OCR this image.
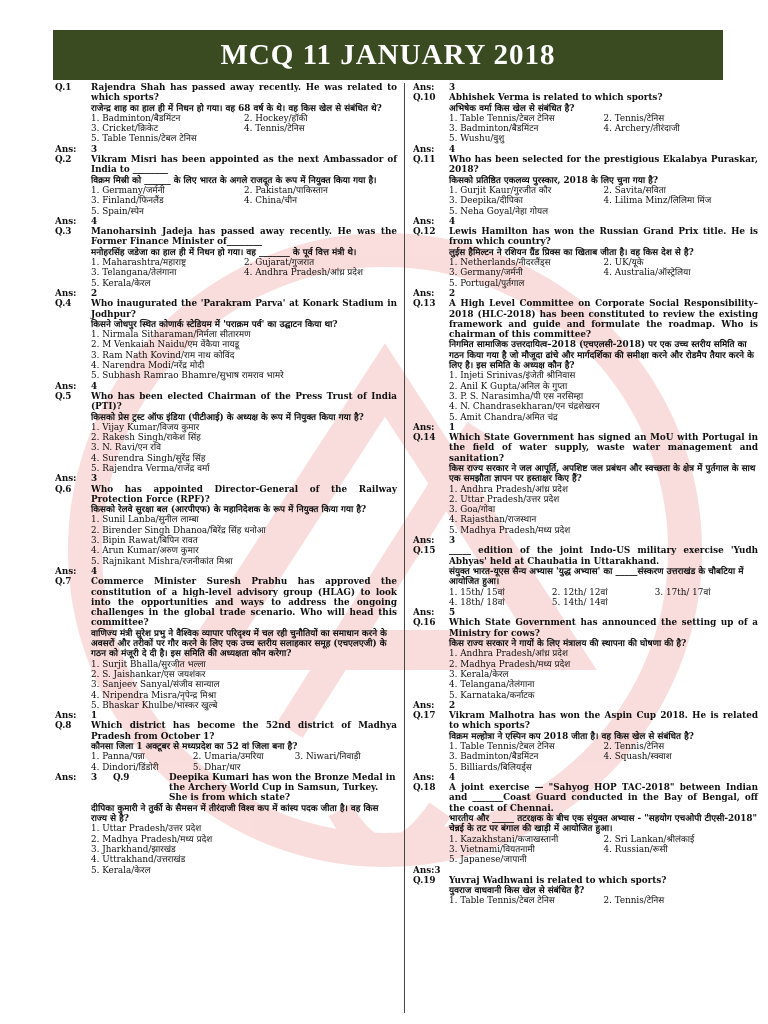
MCQ 11 JANUARY 2018
Q.1	Rajendra Shah has passed away recently. He was related to which sports?
राजेन्द्र शाह का हाल ही में निधन हो गया। वह 68 वर्ष के थे। वह किस खेल से संबंधित थे?
1. Badminton/बैडमिंटन	2. Hockey/हॉकी
3. Cricket/क्रिकेट	4. Tennis/टेनिस
5. Table Tennis/टेबल टेनिस
Ans:	3
Q.2	Vikram Misri has been appointed as the next Ambassador of India to ________
विक्रम मिस्री को ______ के लिए भारत के अगले राजदूत के रूप में नियुक्त किया गया है।
1. Germany/जर्मनी	2. Pakistan/पाकिस्तान
3. Finland/फिनलैंड	4. China/चीन
5. Spain/स्पेन
Ans:	4
Q.3	Manoharsinh Jadeja has passed away recently. He was the Former Finance Minister of________
मनोहरसिंह जडेजा का हाल ही में निधन हो गया। वह _______ के पूर्व वित्त मंत्री थे।
1. Maharashtra/महाराष्ट्र	2. Gujarat/गुजरात
3. Telangana/तेलंगाना	4. Andhra Pradesh/आंध्र प्रदेश
5. Kerala/केरल
Ans:	2
Q.4	Who inaugurated the 'Parakram Parva' at Konark Stadium in Jodhpur?
किसने जोधपुर स्थित कोणार्क स्टेडियम में 'पराक्रम पर्व' का उद्घाटन किया था?
1. Nirmala Sitharaman/निर्मला सीतारमण
2. M Venkaiah Naidu/एम वेंकैया नायडू
3. Ram Nath Kovind/राम नाथ कोविंद
4. Narendra Modi/नरेंद्र मोदी
5. Subhash Ramrao Bhamre/सुभाष रामराव भामरे
Ans:	4
Q.5	Who has been elected Chairman of the Press Trust of India (PTI)?
किसको प्रेस ट्रस्ट ऑफ इंडिया (पीटीआई) के अध्यक्ष के रूप में नियुक्त किया गया है?
1. Vijay Kumar/विजय कुमार
2. Rakesh Singh/राकेश सिंह
3. N. Ravi/एन रवि
4. Surendra Singh/सुरेंद्र सिंह
5. Rajendra Verma/राजेंद्र वर्मा
Ans:	3
Q.6	Who has appointed Director-General of the Railway Protection Force (RPF)?
किसको रेलवे सुरक्षा बल (आरपीएफ) के महानिदेशक के रूप में नियुक्त किया गया है?
1. Sunil Lanba/सुनील लाम्बा
2. Birender Singh Dhanoa/बिरेंद्र सिंह धनोआ
3. Bipin Rawat/बिपिन रावत
4. Arun Kumar/अरुण कुमार
5. Rajnikant Mishra/रजनीकांत मिश्रा
Ans:	4
Q.7	Commerce Minister Suresh Prabhu has approved the constitution of a high-level advisory group (HLAG) to look into the opportunities and ways to address the ongoing challenges in the global trade scenario. Who will head this committee?
वाणिज्य मंत्री सुरेश प्रभु ने वैश्विक व्यापार परिदृश्य में चल रही चुनौतियों का समाधान करने के अवसरों और तरीकों पर गौर करने के लिए एक उच्च स्तरीय सलाहकार समूह (एचएलएजी) के गठन को मंजूरी दे दी है। इस समिति की अध्यक्षता कौन करेगा?
1. Surjit Bhalla/सुरजीत भल्ला
2. S. Jaishankar/एस जयशंकर
3. Sanjeev Sanyal/संजीव सान्याल
4. Nripendra Misra/नृपेन्द्र मिश्रा
5. Bhaskar Khulbe/भास्कर खुल्बे
Ans:	1
Q.8	Which district has become the 52nd district of Madhya Pradesh from October 1?
कौनसा जिला 1 अक्टूबर से मध्यप्रदेश का 52 वां जिला बना है?
1. Panna/पन्ना	2. Umaria/उमरिया	3. Niwari/निवाड़ी
4. Dindori/डिंडोरी	5. Dhar/धार
Ans:	3	Q.9	Deepika Kumari has won the Bronze Medal in the Archery World Cup in Samsun, Turkey. She is from which state?
दीपिका कुमारी ने तुर्की के सैमसन में तीरंदाजी विश्व कप में कांस्य पदक जीता है। वह किस राज्य से है?
1. Uttar Pradesh/उत्तर प्रदेश
2. Madhya Pradesh/मध्य प्रदेश
3. Jharkhand/झारखंड
4. Uttrakhand/उत्तराखंड
5. Kerala/केरल
Ans:	3
Q.10	Abhishek Verma is related to which sports?
अभिषेक वर्मा किस खेल से संबंधित है?
1. Table Tennis/टेबल टेनिस	2. Tennis/टेनिस
3. Badminton/बैडमिंटन	4. Archery/तीरंदाजी
5. Wushu/वुशु
Ans:	4
Q.11	Who has been selected for the prestigious Ekalabya Puraskar, 2018?
किसको प्रतिष्ठित एकलव्य पुरस्कार, 2018 के लिए चुना गया है?
1. Gurjit Kaur/गुरजीत कौर	2. Savita/सविता
3. Deepika/दीपिका	4. Lilima Minz/लिलिमा मिंज
5. Neha Goyal/नेहा गोयल
Ans:	4
Q.12	Lewis Hamilton has won the Russian Grand Prix title. He is from which country?
लुईस हैमिल्टन ने रशियन ग्रैंड प्रिक्स का खिताब जीता है। वह किस देश से है?
1. Netherlands/नीदरलैंड्स	2. UK/यूके
3. Germany/जर्मनी	4. Australia/ऑस्ट्रेलिया
5. Portugal/पुर्तगाल
Ans:	2
Q.13	A High Level Committee on Corporate Social Responsibility–2018 (HLC-2018) has been constituted to review the existing framework and guide and formulate the roadmap. Who is chairman of this committee?
निगमित सामाजिक उत्तरदायित्व–2018 (एचएलसी-2018) पर एक उच्च स्तरीय समिति का गठन किया गया है जो मौजूदा ढांचे और मार्गदर्शिका की समीक्षा करने और रोडमैप तैयार करने के लिए है। इस समिति के अध्यक्ष कौन है?
1. Injeti Srinivas/इंजेती श्रीनिवास
2. Anil K Gupta/अनिल के गुप्ता
3. P. S. Narasimha/पी एस नरसिम्हा
4. N. Chandrasekharan/एन चंद्रशेखरन
5. Amit Chandra/अमित चंद्र
Ans:	1
Q.14	Which State Government has signed an MoU with Portugal in the field of water supply, waste water management and sanitation?
किस राज्य सरकार ने जल आपूर्ति, अपशिष्ट जल प्रबंधन और स्वच्छता के क्षेत्र में पुर्तगाल के साथ एक समझौता ज्ञापन पर हस्ताक्षर किए हैं?
1. Andhra Pradesh/आंध्र प्रदेश
2. Uttar Pradesh/उत्तर प्रदेश
3. Goa/गोवा
4. Rajasthan/राजस्थान
5. Madhya Pradesh/मध्य प्रदेश
Ans:	3
Q.15	_____ edition of the joint Indo-US military exercise 'Yudh Abhyas' held at Chaubatia in Uttarakhand.
संयुक्त भारत-यूएस सैन्य अभ्यास 'युद्ध अभ्यास' का _____संस्करण उत्तराखंड के चौबटिया में आयोजित हुआ।
1. 15th/ 15वां	2. 12th/ 12वां	3. 17th/ 17वां
4. 18th/ 18वां	5. 14th/ 14वां
Ans:	5
Q.16	Which State Government has announced the setting up of a Ministry for cows?
किस राज्य सरकार ने गायों के लिए मंत्रालय की स्थापना की घोषणा की है?
1. Andhra Pradesh/आंध्र प्रदेश
2. Madhya Pradesh/मध्य प्रदेश
3. Kerala/केरल
4. Telangana/तेलंगाना
5. Karnataka/कर्नाटक
Ans:	2
Q.17	Vikram Malhotra has won the Aspin Cup 2018. He is related to which sports?
विक्रम मल्होत्रा ने एस्पिन कप 2018 जीता है। वह किस खेल से संबंधित है?
1. Table Tennis/टेबल टेनिस	2. Tennis/टेनिस
3. Badminton/बैडमिंटन	4. Squash/स्क्वाश
5. Billiards/बिलियर्ड्स
Ans:	4
Q.18	A joint exercise — "Sahyog HOP TAC-2018" between Indian and _______Coast Guard conducted in the Bay of Bengal, off the coast of Chennai.
भारतीय और _____ तटरक्षक के बीच एक संयुक्त अभ्यास - "सहयोग एचओपी टीएसी-2018" चेन्नई के तट पर बंगाल की खाड़ी में आयोजित हुआ।
1. Kazakhstani/कजाखस्तानी	2. Sri Lankan/श्रीलंकाई
3. Vietnami/वियतनामी	4. Russian/रूसी
5. Japanese/जापानी
Ans:3
Q.19	Yuvraj Wadhwani is related to which sports?
युवराज वाधवानी किस खेल से संबंधित है?
1. Table Tennis/टेबल टेनिस	2. Tennis/टेनिस
